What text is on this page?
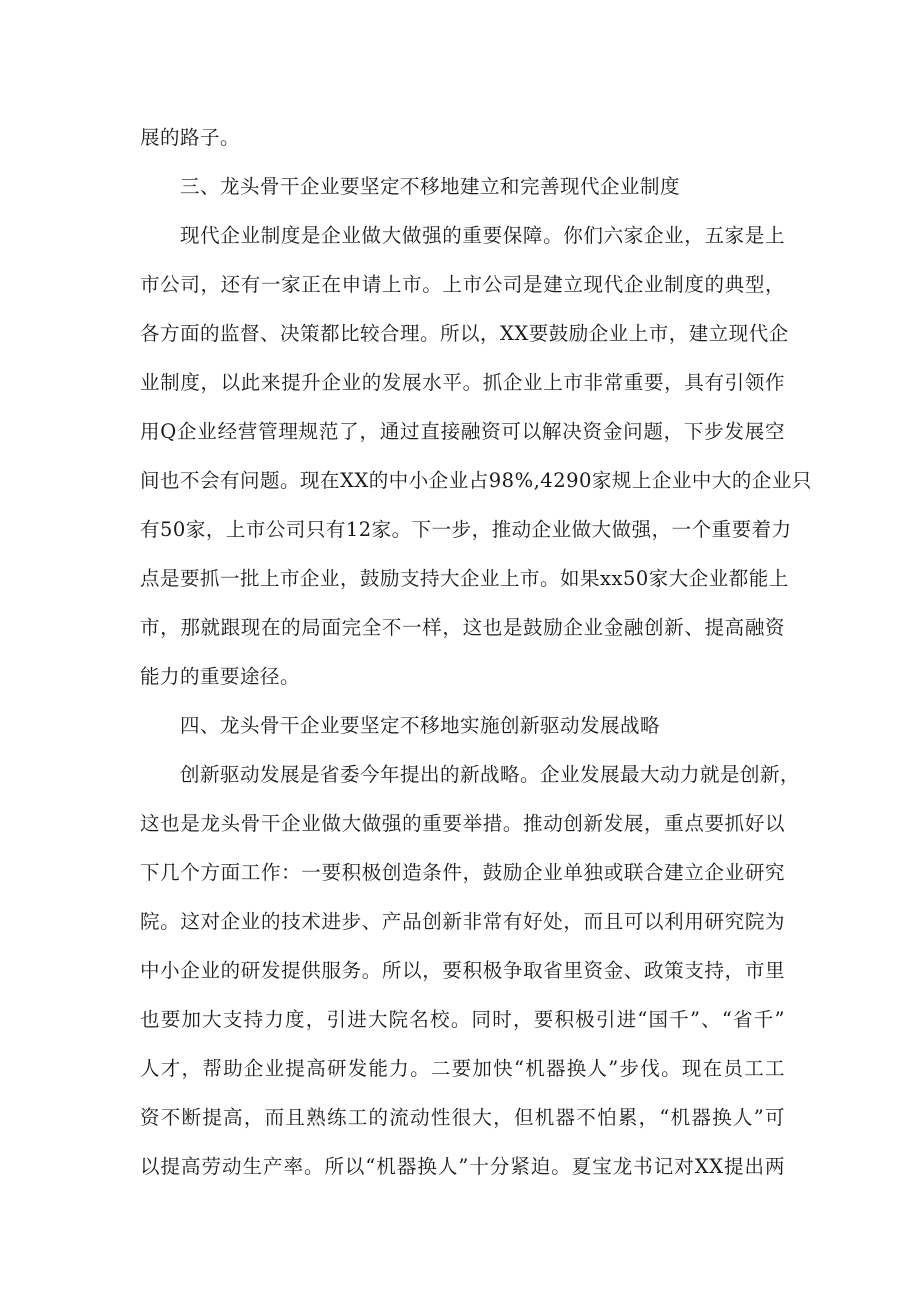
展的路子。
三、龙头骨干企业要坚定不移地建立和完善现代企业制度
现代企业制度是企业做大做强的重要保障。你们六家企业，五家是上
市公司，还有一家正在申请上市。上市公司是建立现代企业制度的典型，
各方面的监督、决策都比较合理。所以，XX要鼓励企业上市，建立现代企
业制度，以此来提升企业的发展水平。抓企业上市非常重要，具有引领作
用Q企业经营管理规范了，通过直接融资可以解决资金问题，下步发展空
间也不会有问题。现在XX的中小企业占98%,4290家规上企业中大的企业只
有50家，上市公司只有12家。下一步，推动企业做大做强，一个重要着力
点是要抓一批上市企业，鼓励支持大企业上市。如果xx50家大企业都能上
市，那就跟现在的局面完全不一样，这也是鼓励企业金融创新、提高融资
能力的重要途径。
四、龙头骨干企业要坚定不移地实施创新驱动发展战略
创新驱动发展是省委今年提出的新战略。企业发展最大动力就是创新，
这也是龙头骨干企业做大做强的重要举措。推动创新发展，重点要抓好以
下几个方面工作：一要积极创造条件，鼓励企业单独或联合建立企业研究
院。这对企业的技术进步、产品创新非常有好处，而且可以利用研究院为
中小企业的研发提供服务。所以，要积极争取省里资金、政策支持，市里
也要加大支持力度，引进大院名校。同时，要积极引进“国千”、“省千”
人才，帮助企业提高研发能力。二要加快“机器换人”步伐。现在员工工
资不断提高，而且熟练工的流动性很大，但机器不怕累，“机器换人”可
以提高劳动生产率。所以“机器换人”十分紧迫。夏宝龙书记对XX提出两
